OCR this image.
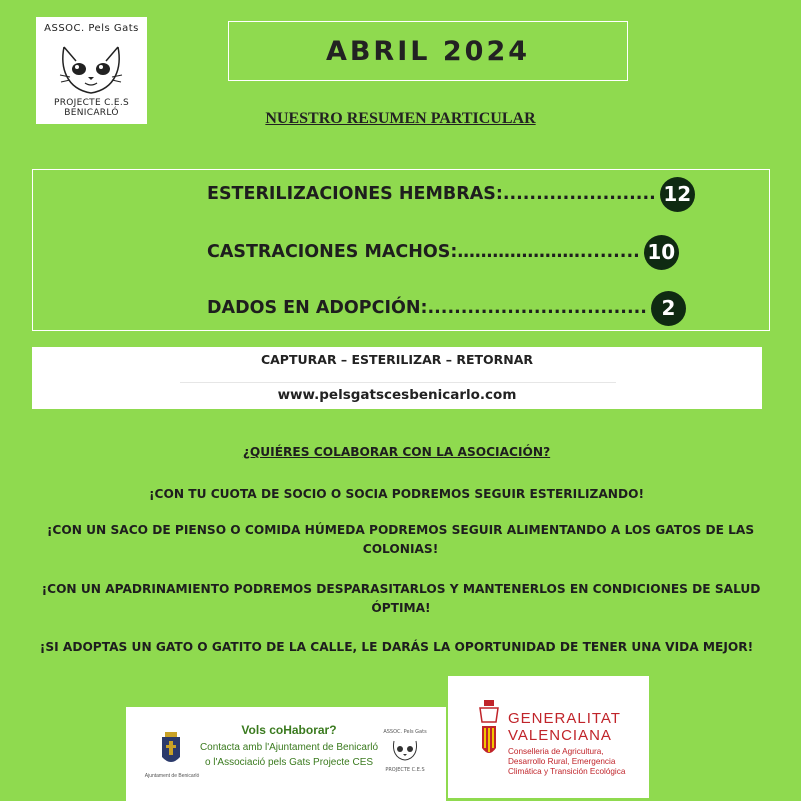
ASSOC. Pels Gats
PROJECTE C.E.S BENICARLÓ
ABRIL 2024
NUESTRO RESUMEN PARTICULAR
ESTERILIZACIONES HEMBRAS: ....................... 12
CASTRACIONES MACHOS: …………………......... 10
DADOS EN ADOPCIÓN: ................................. 2
CAPTURAR – ESTERILIZAR – RETORNAR
www.pelsgatscesbenicarlo.com
¿QUIÉRES COLABORAR CON LA ASOCIACIÓN?
¡CON TU CUOTA DE SOCIO O SOCIA PODREMOS SEGUIR ESTERILIZANDO!
¡CON UN SACO DE PIENSO O COMIDA HÚMEDA PODREMOS SEGUIR ALIMENTANDO A LOS GATOS DE LAS COLONIAS!
¡CON UN APADRINAMIENTO PODREMOS DESPARASITARLOS Y MANTENERLOS EN CONDICIONES DE SALUD ÓPTIMA!
¡SI ADOPTAS UN GATO O GATITO DE LA CALLE, LE DARÁS LA OPORTUNIDAD DE TENER UNA VIDA MEJOR!
Ajuntament de Benicarló
Vols coHaborar?
Contacta amb l'Ajuntament de Benicarló
o l'Associació pels Gats Projecte CES
ASSOC. Pels Gats
PROJECTE C.E.S
GENERALITAT
VALENCIANA
Conselleria de Agricultura,
Desarrollo Rural, Emergencia
Climática y Transición Ecológica
